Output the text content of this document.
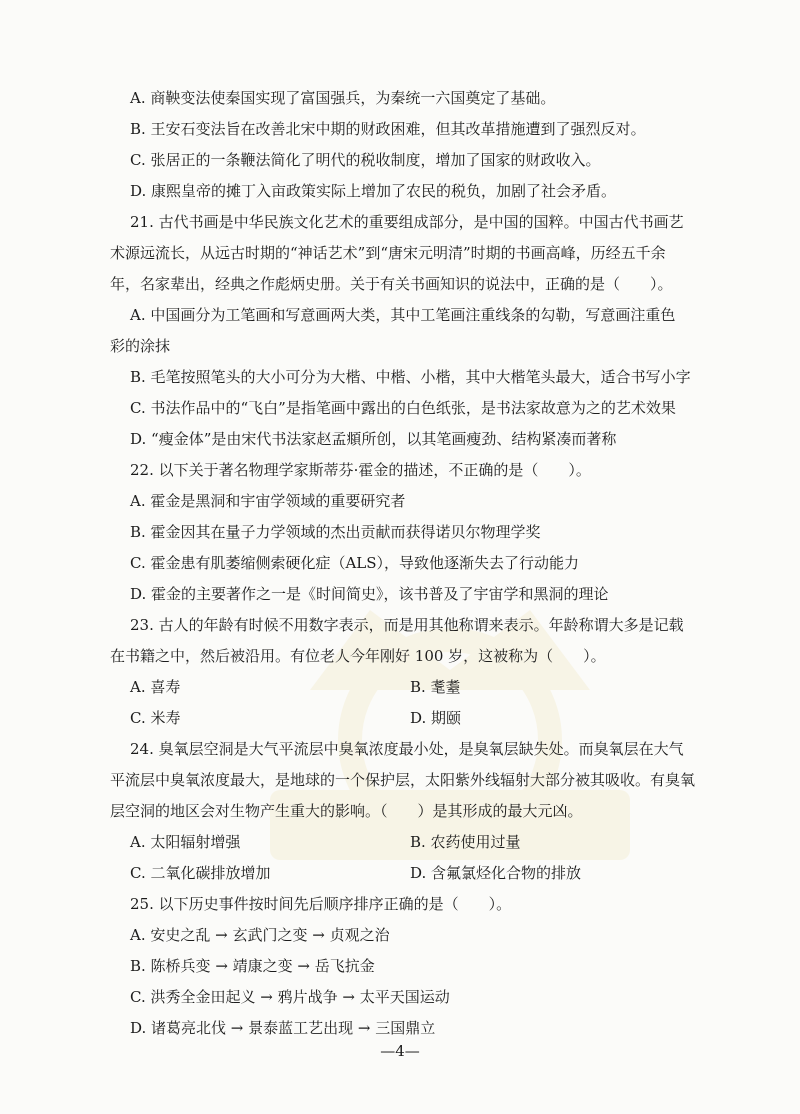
A. 商鞅变法使秦国实现了富国强兵，为秦统一六国奠定了基础。
B. 王安石变法旨在改善北宋中期的财政困难，但其改革措施遭到了强烈反对。
C. 张居正的一条鞭法简化了明代的税收制度，增加了国家的财政收入。
D. 康熙皇帝的摊丁入亩政策实际上增加了农民的税负，加剧了社会矛盾。
21. 古代书画是中华民族文化艺术的重要组成部分，是中国的国粹。中国古代书画艺
术源远流长，从远古时期的“神话艺术”到“唐宋元明清”时期的书画高峰，历经五千余
年，名家辈出，经典之作彪炳史册。关于有关书画知识的说法中，正确的是（　　）。
A. 中国画分为工笔画和写意画两大类，其中工笔画注重线条的勾勒，写意画注重色
彩的涂抹
B. 毛笔按照笔头的大小可分为大楷、中楷、小楷，其中大楷笔头最大，适合书写小字
C. 书法作品中的“飞白”是指笔画中露出的白色纸张，是书法家故意为之的艺术效果
D. “瘦金体”是由宋代书法家赵孟頫所创，以其笔画瘦劲、结构紧凑而著称
22. 以下关于著名物理学家斯蒂芬·霍金的描述，不正确的是（　　）。
A. 霍金是黑洞和宇宙学领域的重要研究者
B. 霍金因其在量子力学领域的杰出贡献而获得诺贝尔物理学奖
C. 霍金患有肌萎缩侧索硬化症（ALS），导致他逐渐失去了行动能力
D. 霍金的主要著作之一是《时间简史》，该书普及了宇宙学和黑洞的理论
23. 古人的年龄有时候不用数字表示，而是用其他称谓来表示。年龄称谓大多是记载
在书籍之中，然后被沿用。有位老人今年刚好 100 岁，这被称为（　　）。
A. 喜寿	B. 耄耋
C. 米寿	D. 期颐
24. 臭氧层空洞是大气平流层中臭氧浓度最小处，是臭氧层缺失处。而臭氧层在大气
平流层中臭氧浓度最大，是地球的一个保护层，太阳紫外线辐射大部分被其吸收。有臭氧
层空洞的地区会对生物产生重大的影响。（　　）是其形成的最大元凶。
A. 太阳辐射增强	B. 农药使用过量
C. 二氧化碳排放增加	D. 含氟氯烃化合物的排放
25. 以下历史事件按时间先后顺序排序正确的是（　　）。
A. 安史之乱 → 玄武门之变 → 贞观之治
B. 陈桥兵变 → 靖康之变 → 岳飞抗金
C. 洪秀全金田起义 → 鸦片战争 → 太平天国运动
D. 诸葛亮北伐 → 景泰蓝工艺出现 → 三国鼎立
—4—
